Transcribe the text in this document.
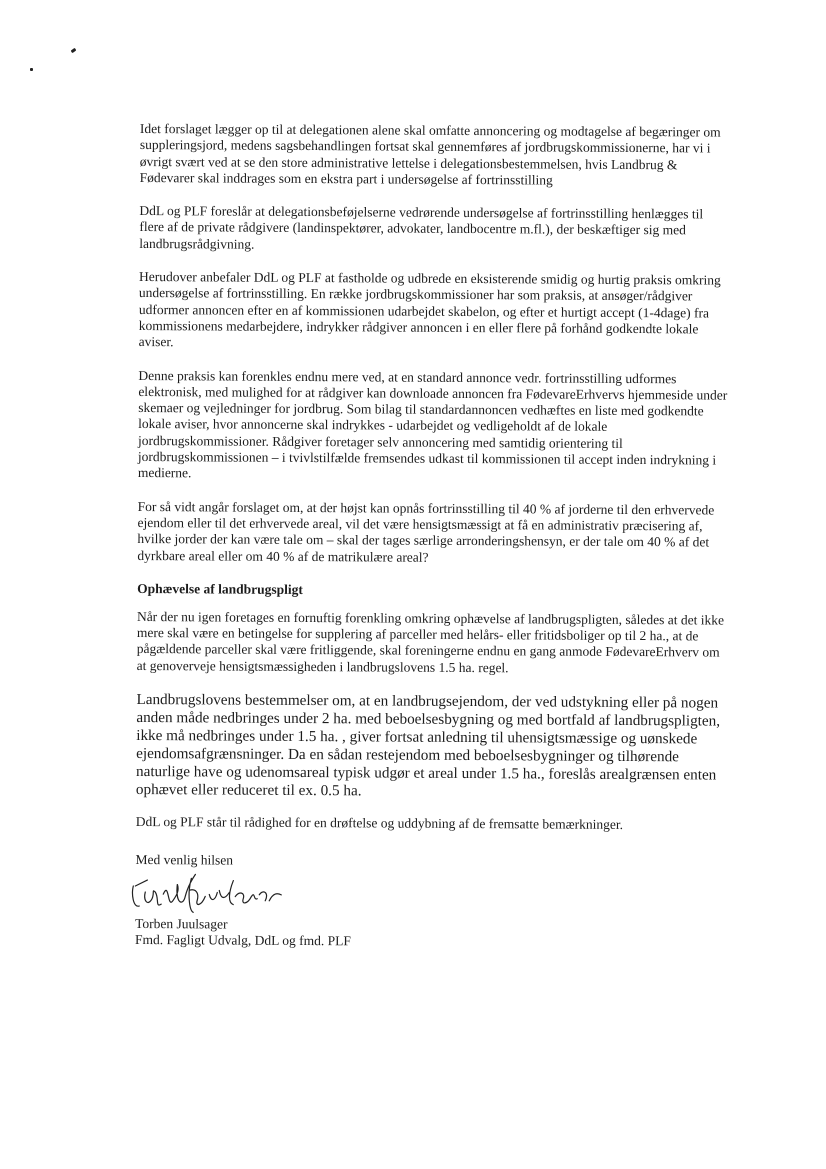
Idet forslaget lægger op til at delegationen alene skal omfatte annoncering og modtagelse af begæringer om suppleringsjord, medens sagsbehandlingen fortsat skal gennemføres af jordbrugskommissionerne, har vi i øvrigt svært ved at se den store administrative lettelse i delegationsbestemmelsen, hvis Landbrug & Fødevarer skal inddrages som en ekstra part i undersøgelse af fortrinsstilling

DdL og PLF foreslår at delegationsbeføjelserne vedrørende undersøgelse af fortrinsstilling henlægges til flere af de private rådgivere (landinspektører, advokater, landbocentre m.fl.), der beskæftiger sig med landbrugsrådgivning.

Herudover anbefaler DdL og PLF at fastholde og udbrede en eksisterende smidig og hurtig praksis omkring undersøgelse af fortrinsstilling. En række jordbrugskommissioner har som praksis, at ansøger/rådgiver udformer annoncen efter en af kommissionen udarbejdet skabelon, og efter et hurtigt accept (1-4dage) fra kommissionens medarbejdere, indrykker rådgiver annoncen i en eller flere på forhånd godkendte lokale aviser.

Denne praksis kan forenkles endnu mere ved, at en standard annonce vedr. fortrinsstilling udformes elektronisk, med mulighed for at rådgiver kan downloade annoncen fra FødevareErhvervs hjemmeside under skemaer og vejledninger for jordbrug. Som bilag til standardannoncen vedhæftes en liste med godkendte lokale aviser, hvor annoncerne skal indrykkes - udarbejdet og vedligeholdt af de lokale jordbrugskommissioner. Rådgiver foretager selv annoncering med samtidig orientering til jordbrugskommissionen – i tvivlstilfælde fremsendes udkast til kommissionen til accept inden indrykning i medierne.

For så vidt angår forslaget om, at der højst kan opnås fortrinsstilling til 40 % af jorderne til den erhvervede ejendom eller til det erhvervede areal, vil det være hensigtsmæssigt at få en administrativ præcisering af, hvilke jorder der kan være tale om – skal der tages særlige arronderingshensyn, er der tale om 40 % af det dyrkbare areal eller om 40 % af de matrikulære areal?

Ophævelse af landbrugspligt

Når der nu igen foretages en fornuftig forenkling omkring ophævelse af landbrugspligten, således at det ikke mere skal være en betingelse for supplering af parceller med helårs- eller fritidsboliger op til 2 ha., at de pågældende parceller skal være fritliggende, skal foreningerne endnu en gang anmode FødevareErhverv om at genoverveje hensigtsmæssigheden i landbrugslovens 1.5 ha. regel.

Landbrugslovens bestemmelser om, at en landbrugsejendom, der ved udstykning eller på nogen anden måde nedbringes under 2 ha. med beboelsesbygning og med bortfald af landbrugspligten, ikke må nedbringes under 1.5 ha. , giver fortsat anledning til uhensigtsmæssige og uønskede ejendomsafgrænsninger. Da en sådan restejendom med beboelsesbygninger og tilhørende naturlige have og udenomsareal typisk udgør et areal under 1.5 ha., foreslås arealgrænsen enten ophævet eller reduceret til ex. 0.5 ha.

DdL og PLF står til rådighed for en drøftelse og uddybning af de fremsatte bemærkninger.

Med venlig hilsen
Torben Juulsager
Fmd. Fagligt Udvalg, DdL og fmd. PLF
